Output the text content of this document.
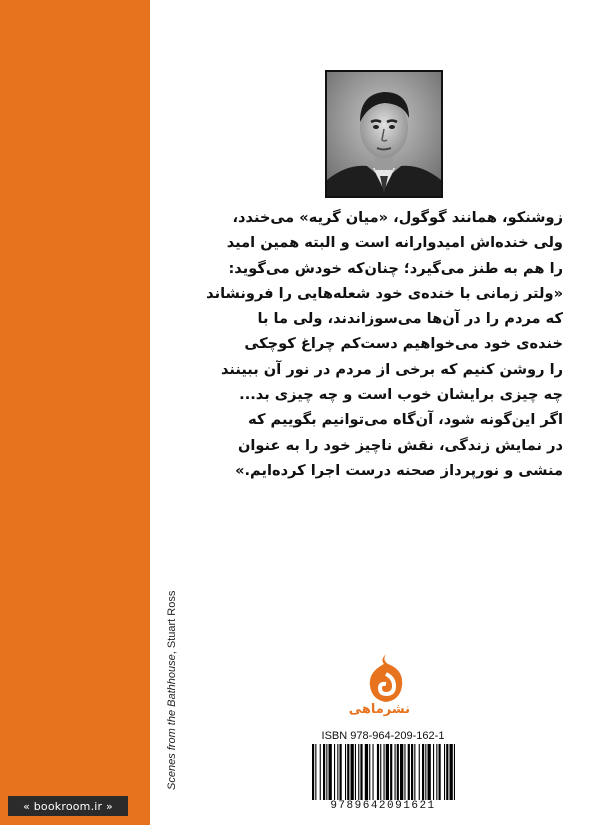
« bookroom.ir »
Scenes from the Bathhouse, Stuart Ross
زوشنکو، همانند گوگول، «میان گریه» می‌خندد،
ولی خنده‌اش امیدوارانه است و البته همین امید
را هم به طنز می‌گیرد؛ چنان‌که خودش می‌گوید:
«ولتر زمانی با خنده‌ی خود شعله‌هایی را فرونشاند
که مردم را در آن‌ها می‌سوزاندند، ولی ما با
خنده‌ی خود می‌خواهیم دست‌کم چراغ کوچکی
را روشن کنیم که برخی از مردم در نور آن ببینند
چه چیزی برایشان خوب است و چه چیزی بد...
اگر این‌گونه شود، آن‌گاه می‌توانیم بگوییم که
در نمایش زندگی، نقش ناچیز خود را به عنوان
منشی و نورپرداز صحنه درست اجرا کرده‌ایم.»
نشرماهی
ISBN 978-964-209-162-1
9789642091621
